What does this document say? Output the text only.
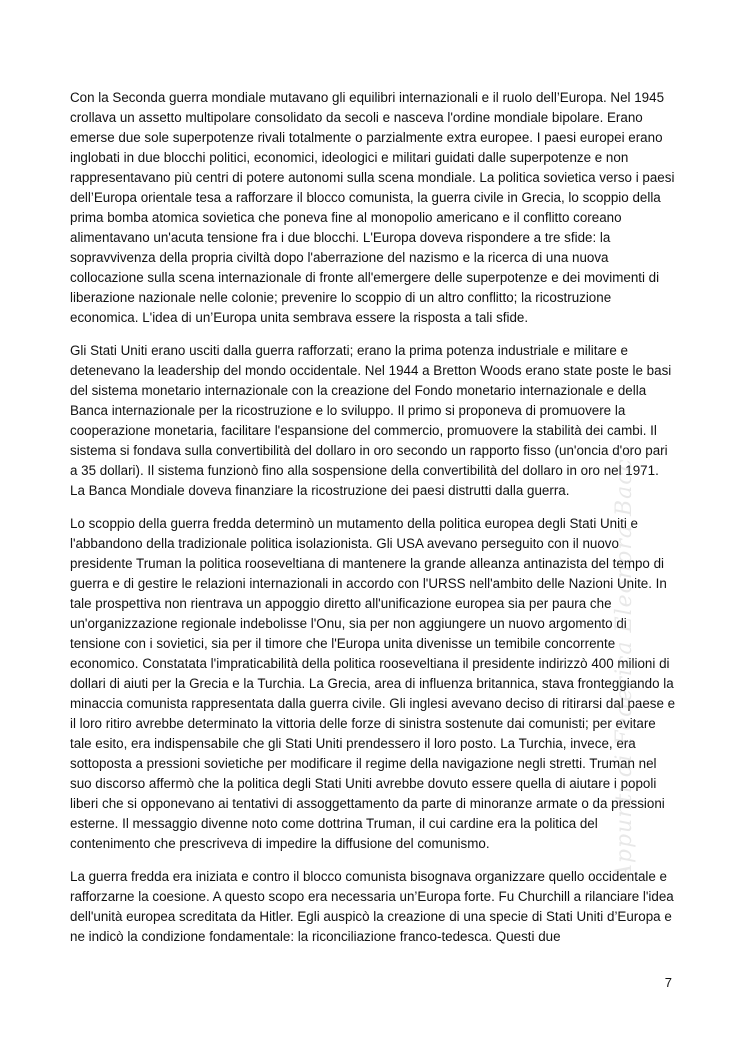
Con la Seconda guerra mondiale mutavano gli equilibri internazionali e il ruolo dell’Europa. Nel 1945 crollava un assetto multipolare consolidato da secoli e nasceva l'ordine mondiale bipolare. Erano emerse due sole superpotenze rivali totalmente o parzialmente extra europee. I paesi europei erano inglobati in due blocchi politici, economici, ideologici e militari guidati dalle superpotenze e non rappresentavano più centri di potere autonomi sulla scena mondiale. La politica sovietica verso i paesi dell’Europa orientale tesa a rafforzare il blocco comunista, la guerra civile in Grecia, lo scoppio della prima bomba atomica sovietica che poneva fine al monopolio americano e il conflitto coreano alimentavano un'acuta tensione fra i due blocchi. L'Europa doveva rispondere a tre sfide: la sopravvivenza della propria civiltà dopo l'aberrazione del nazismo e la ricerca di una nuova collocazione sulla scena internazionale di fronte all'emergere delle superpotenze e dei movimenti di liberazione nazionale nelle colonie; prevenire lo scoppio di un altro conflitto; la ricostruzione economica. L'idea di un’Europa unita sembrava essere la risposta a tali sfide.

Gli Stati Uniti erano usciti dalla guerra rafforzati; erano la prima potenza industriale e militare e detenevano la leadership del mondo occidentale. Nel 1944 a Bretton Woods erano state poste le basi del sistema monetario internazionale con la creazione del Fondo monetario internazionale e della Banca internazionale per la ricostruzione e lo sviluppo. Il primo si proponeva di promuovere la cooperazione monetaria, facilitare l'espansione del commercio, promuovere la stabilità dei cambi. Il sistema si fondava sulla convertibilità del dollaro in oro secondo un rapporto fisso (un'oncia d'oro pari a 35 dollari). Il sistema funzionò fino alla sospensione della convertibilità del dollaro in oro nel 1971. La Banca Mondiale doveva finanziare la ricostruzione dei paesi distrutti dalla guerra.

Lo scoppio della guerra fredda determinò un mutamento della politica europea degli Stati Uniti e l'abbandono della tradizionale politica isolazionista. Gli USA avevano perseguito con il nuovo presidente Truman la politica rooseveltiana di mantenere la grande alleanza antinazista del tempo di guerra e di gestire le relazioni internazionali in accordo con l'URSS nell'ambito delle Nazioni Unite. In tale prospettiva non rientrava un appoggio diretto all'unificazione europea sia per paura che un'organizzazione regionale indebolisse l'Onu, sia per non aggiungere un nuovo argomento di tensione con i sovietici, sia per il timore che l'Europa unita divenisse un temibile concorrente economico. Constatata l'impraticabilità della politica rooseveltiana il presidente indirizzò 400 milioni di dollari di aiuti per la Grecia e la Turchia. La Grecia, area di influenza britannica, stava fronteggiando la minaccia comunista rappresentata dalla guerra civile. Gli inglesi avevano deciso di ritirarsi dal paese e il loro ritiro avrebbe determinato la vittoria delle forze di sinistra sostenute dai comunisti; per evitare tale esito, era indispensabile che gli Stati Uniti prendessero il loro posto. La Turchia, invece, era sottoposta a pressioni sovietiche per modificare il regime della navigazione negli stretti. Truman nel suo discorso affermò che la politica degli Stati Uniti avrebbe dovuto essere quella di aiutare i popoli liberi che si opponevano ai tentativi di assoggettamento da parte di minoranze armate o da pressioni esterne. Il messaggio divenne noto come dottrina Truman, il cui cardine era la politica del contenimento che prescriveva di impedire la diffusione del comunismo.

La guerra fredda era iniziata e contro il blocco comunista bisognava organizzare quello occidentale e rafforzarne la coesione. A questo scopo era necessaria un’Europa forte. Fu Churchill a rilanciare l'idea dell'unità europea screditata da Hitler. Egli auspicò la creazione di una specie di Stati Uniti d’Europa e ne indicò la condizione fondamentale: la riconciliazione franco-tedesca. Questi due

Appunti di Federica Eleonora Bacci
7
